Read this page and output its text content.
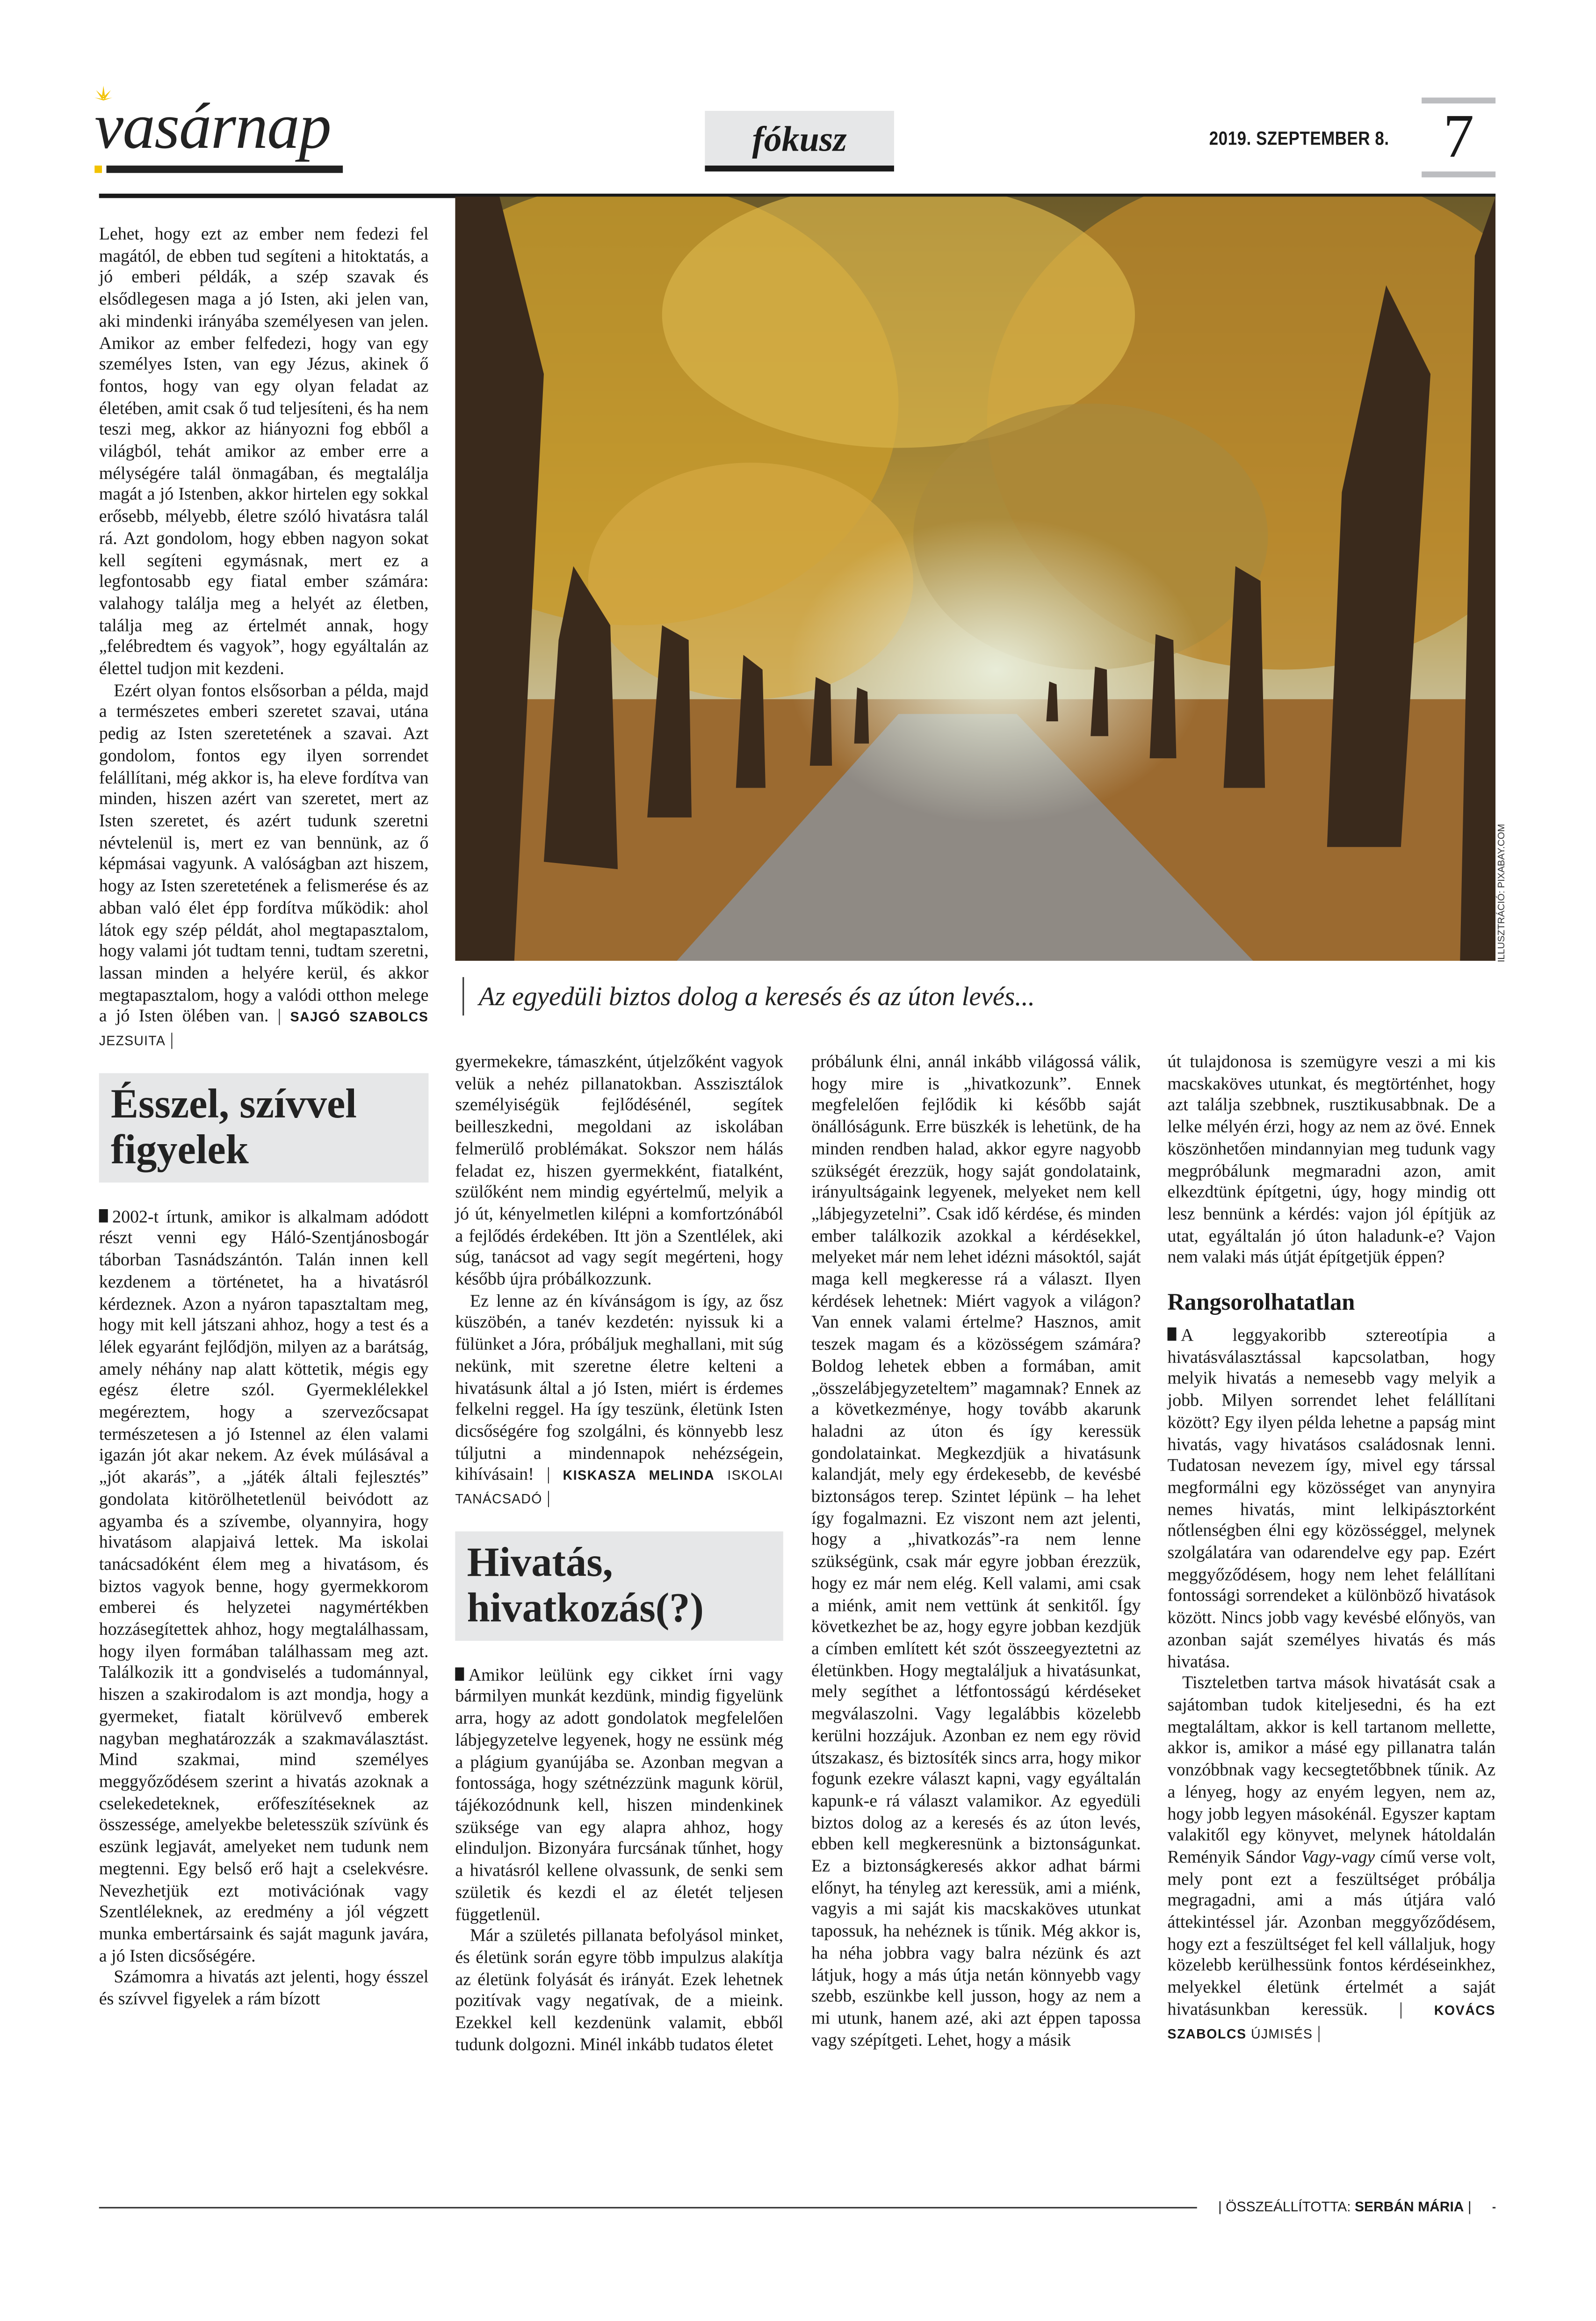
vasárnap	fókusz	2019. SZEPTEMBER 8.	7
ILLUSZTRÁCIÓ: PIXABAY.COM
Az egyedüli biztos dolog a keresés és az úton levés...

Lehet, hogy ezt az ember nem fedezi fel magától, de ebben tud segíteni a hitoktatás, a jó emberi példák, a szép szavak és elsődlegesen maga a jó Isten, aki jelen van, aki mindenki irányába személyesen van jelen. Amikor az ember felfedezi, hogy van egy személyes Isten, van egy Jézus, akinek ő fontos, hogy van egy olyan feladat az életében, amit csak ő tud teljesíteni, és ha nem teszi meg, akkor az hiányozni fog ebből a világból, tehát amikor az ember erre a mélységére talál önmagában, és megtalálja magát a jó Istenben, akkor hirtelen egy sokkal erősebb, mélyebb, életre szóló hivatásra talál rá. Azt gondolom, hogy ebben nagyon sokat kell segíteni egymásnak, mert ez a legfontosabb egy fiatal ember számára: valahogy találja meg a helyét az életben, találja meg az értelmét annak, hogy „felébredtem és vagyok”, hogy egyáltalán az élettel tudjon mit kezdeni.

Ezért olyan fontos elsősorban a példa, majd a természetes emberi szeretet szavai, utána pedig az Isten szeretetének a szavai. Azt gondolom, fontos egy ilyen sorrendet felállítani, még akkor is, ha eleve fordítva van minden, hiszen azért van szeretet, mert az Isten szeretet, és azért tudunk szeretni névtelenül is, mert ez van bennünk, az ő képmásai vagyunk. A valóságban azt hiszem, hogy az Isten szeretetének a felismerése és az abban való élet épp fordítva működik: ahol látok egy szép példát, ahol megtapasztalom, hogy valami jót tudtam tenni, tudtam szeretni, lassan minden a helyére kerül, és akkor megtapasztalom, hogy a valódi otthon melege a jó Isten ölében van. | SAJGÓ SZABOLCS JEZSUITA |

Ésszel, szívvel figyelek

2002-t írtunk, amikor is alkalmam adódott részt venni egy Háló-Szentjánosbogár táborban Tasnádszántón. Talán innen kell kezdenem a történetet, ha a hivatásról kérdeznek. Azon a nyáron tapasztaltam meg, hogy mit kell játszani ahhoz, hogy a test és a lélek egyaránt fejlődjön, milyen az a barátság, amely néhány nap alatt köttetik, mégis egy egész életre szól. Gyermeklélekkel megéreztem, hogy a szervezőcsapat természetesen a jó Istennel az élen valami igazán jót akar nekem. Az évek múlásával a „jót akarás”, a „játék általi fejlesztés” gondolata kitörölhetetlenül beivódott az agyamba és a szívembe, olyannyira, hogy hivatásom alapjaivá lettek. Ma iskolai tanácsadóként élem meg a hivatásom, és biztos vagyok benne, hogy gyermekkorom emberei és helyzetei nagymértékben hozzásegítettek ahhoz, hogy megtalálhassam, hogy ilyen formában találhassam meg azt. Találkozik itt a gondviselés a tudománnyal, hiszen a szakirodalom is azt mondja, hogy a gyermeket, fiatalt körülvevő emberek nagyban meghatározzák a szakmaválasztást. Mind szakmai, mind személyes meggyőződésem szerint a hivatás azoknak a cselekedeteknek, erőfeszítéseknek az összessége, amelyekbe beletesszük szívünk és eszünk legjavát, amelyeket nem tudunk nem megtenni. Egy belső erő hajt a cselekvésre. Nevezhetjük ezt motivációnak vagy Szentléleknek, az eredmény a jól végzett munka embertársaink és saját magunk javára, a jó Isten dicsőségére.

Számomra a hivatás azt jelenti, hogy ésszel és szívvel figyelek a rám bízott

gyermekekre, támaszként, útjelzőként vagyok velük a nehéz pillanatokban. Asszisztálok személyiségük fejlődésénél, segítek beilleszkedni, megoldani az iskolában felmerülő problémákat. Sokszor nem hálás feladat ez, hiszen gyermekként, fiatalként, szülőként nem mindig egyértelmű, melyik a jó út, kényelmetlen kilépni a komfortzónából a fejlődés érdekében. Itt jön a Szentlélek, aki súg, tanácsot ad vagy segít megérteni, hogy később újra próbálkozzunk.

Ez lenne az én kívánságom is így, az ősz küszöbén, a tanév kezdetén: nyissuk ki a fülünket a Jóra, próbáljuk meghallani, mit súg nekünk, mit szeretne életre kelteni a hivatásunk által a jó Isten, miért is érdemes felkelni reggel. Ha így teszünk, életünk Isten dicsőségére fog szolgálni, és könnyebb lesz túljutni a mindennapok nehézségein, kihívásain! | KISKASZA MELINDA	ISKOLAI TANÁCSADÓ |

Hivatás, hivatkozás(?)

Amikor leülünk egy cikket írni vagy bármilyen munkát kezdünk, mindig figyelünk arra, hogy az adott gondolatok megfelelően lábjegyzetelve legyenek, hogy ne essünk még a plágium gyanújába se. Azonban megvan a fontossága, hogy szétnézzünk magunk körül, tájékozódnunk kell, hiszen mindenkinek szüksége van egy alapra ahhoz, hogy elinduljon. Bizonyára furcsának tűnhet, hogy a hivatásról kellene olvassunk, de senki sem születik és kezdi el az életét teljesen függetlenül.

Már a születés pillanata befolyásol minket, és életünk során egyre több impulzus alakítja az életünk folyását és irányát. Ezek lehetnek pozitívak vagy negatívak, de a mieink. Ezekkel kell kezdenünk valamit, ebből tudunk dolgozni. Minél inkább tudatos életet

próbálunk élni, annál inkább világossá válik, hogy mire is „hivatkozunk”. Ennek megfelelően fejlődik ki később saját önállóságunk. Erre büszkék is lehetünk, de ha minden rendben halad, akkor egyre nagyobb szükségét érezzük, hogy saját gondolataink, irányultságaink legyenek, melyeket nem kell „lábjegyzetelni”. Csak idő kérdése, és minden ember találkozik azokkal a kérdésekkel, melyeket már nem lehet idézni másoktól, saját maga kell megkeresse rá a választ. Ilyen kérdések lehetnek: Miért vagyok a világon? Van ennek valami értelme? Hasznos, amit teszek magam és a közösségem számára? Boldog lehetek ebben a formában, amit „összelábjegyzeteltem” magamnak? Ennek az a következménye, hogy tovább akarunk haladni az úton és így keressük gondolatainkat. Megkezdjük a hivatásunk kalandját, mely egy érdekesebb, de kevésbé biztonságos terep. Szintet lépünk – ha lehet így fogalmazni. Ez viszont nem azt jelenti, hogy a „hivatkozás”-ra nem lenne szükségünk, csak már egyre jobban érezzük, hogy ez már nem elég. Kell valami, ami csak a miénk, amit nem vettünk át senkitől. Így következhet be az, hogy egyre jobban kezdjük a címben említett két szót összeegyeztetni az életünkben. Hogy megtaláljuk a hivatásunkat, mely segíthet a létfontosságú kérdéseket megválaszolni. Vagy legalábbis közelebb kerülni hozzájuk. Azonban ez nem egy rövid útszakasz, és biztosíték sincs arra, hogy mikor fogunk ezekre választ kapni, vagy egyáltalán kapunk-e rá választ valamikor. Az egyedüli biztos dolog az a keresés és az úton levés, ebben kell megkeresnünk a biztonságunkat. Ez a biztonságkeresés akkor adhat bármi előnyt, ha tényleg azt keressük, ami a miénk, vagyis a mi saját kis macskaköves utunkat tapossuk, ha nehéznek is tűnik. Még akkor is, ha néha jobbra vagy balra nézünk és azt látjuk, hogy a más útja netán könnyebb vagy szebb, eszünkbe kell jusson, hogy az nem a mi utunk, hanem azé, aki azt éppen tapossa vagy szépítgeti. Lehet, hogy a másik

út tulajdonosa is szemügyre veszi a mi kis macskaköves utunkat, és megtörténhet, hogy azt találja szebbnek, rusztikusabbnak. De a lelke mélyén érzi, hogy az nem az övé. Ennek köszönhetően mindannyian meg tudunk vagy megpróbálunk megmaradni azon, amit elkezdtünk építgetni, úgy, hogy mindig ott lesz bennünk a kérdés: vajon jól építjük az utat, egyáltalán jó úton haladunk-e? Vajon nem valaki más útját építgetjük éppen?

Rangsorolhatatlan

A leggyakoribb sztereotípia a hivatásválasztással kapcsolatban, hogy melyik hivatás a nemesebb vagy melyik a jobb. Milyen sorrendet lehet felállítani között? Egy ilyen példa lehetne a papság mint hivatás, vagy hivatásos családosnak lenni. Tudatosan nevezem így, mivel egy társsal megformálni egy közösséget van anynyira nemes hivatás, mint lelkipásztorként nőtlenségben élni egy közösséggel, melynek szolgálatára van odarendelve egy pap. Ezért meggyőződésem, hogy nem lehet felállítani fontossági sorrendeket a különböző hivatások között. Nincs jobb vagy kevésbé előnyös, van azonban saját személyes hivatás és más hivatása.

Tiszteletben tartva mások hivatását csak a sajátomban tudok kiteljesedni, és ha ezt megtaláltam, akkor is kell tartanom mellette, akkor is, amikor a másé egy pillanatra talán vonzóbbnak vagy kecsegtetőbbnek tűnik. Az a lényeg, hogy az enyém legyen, nem az, hogy jobb legyen másokénál. Egyszer kaptam valakitől egy könyvet, melynek hátoldalán Reményik Sándor Vagy-vagy című verse volt, mely pont ezt a feszültséget próbálja megragadni, ami a más útjára való áttekintéssel jár. Azonban meggyőződésem, hogy ezt a feszültséget fel kell vállaljuk, hogy közelebb kerülhessünk fontos kérdéseinkhez, melyekkel életünk értelmét a saját hivatásunkban keressük. | KOVÁCS SZABOLCS ÚJMISÉS |

| ÖSSZEÁLLÍTOTTA: SERBÁN MÁRIA |
